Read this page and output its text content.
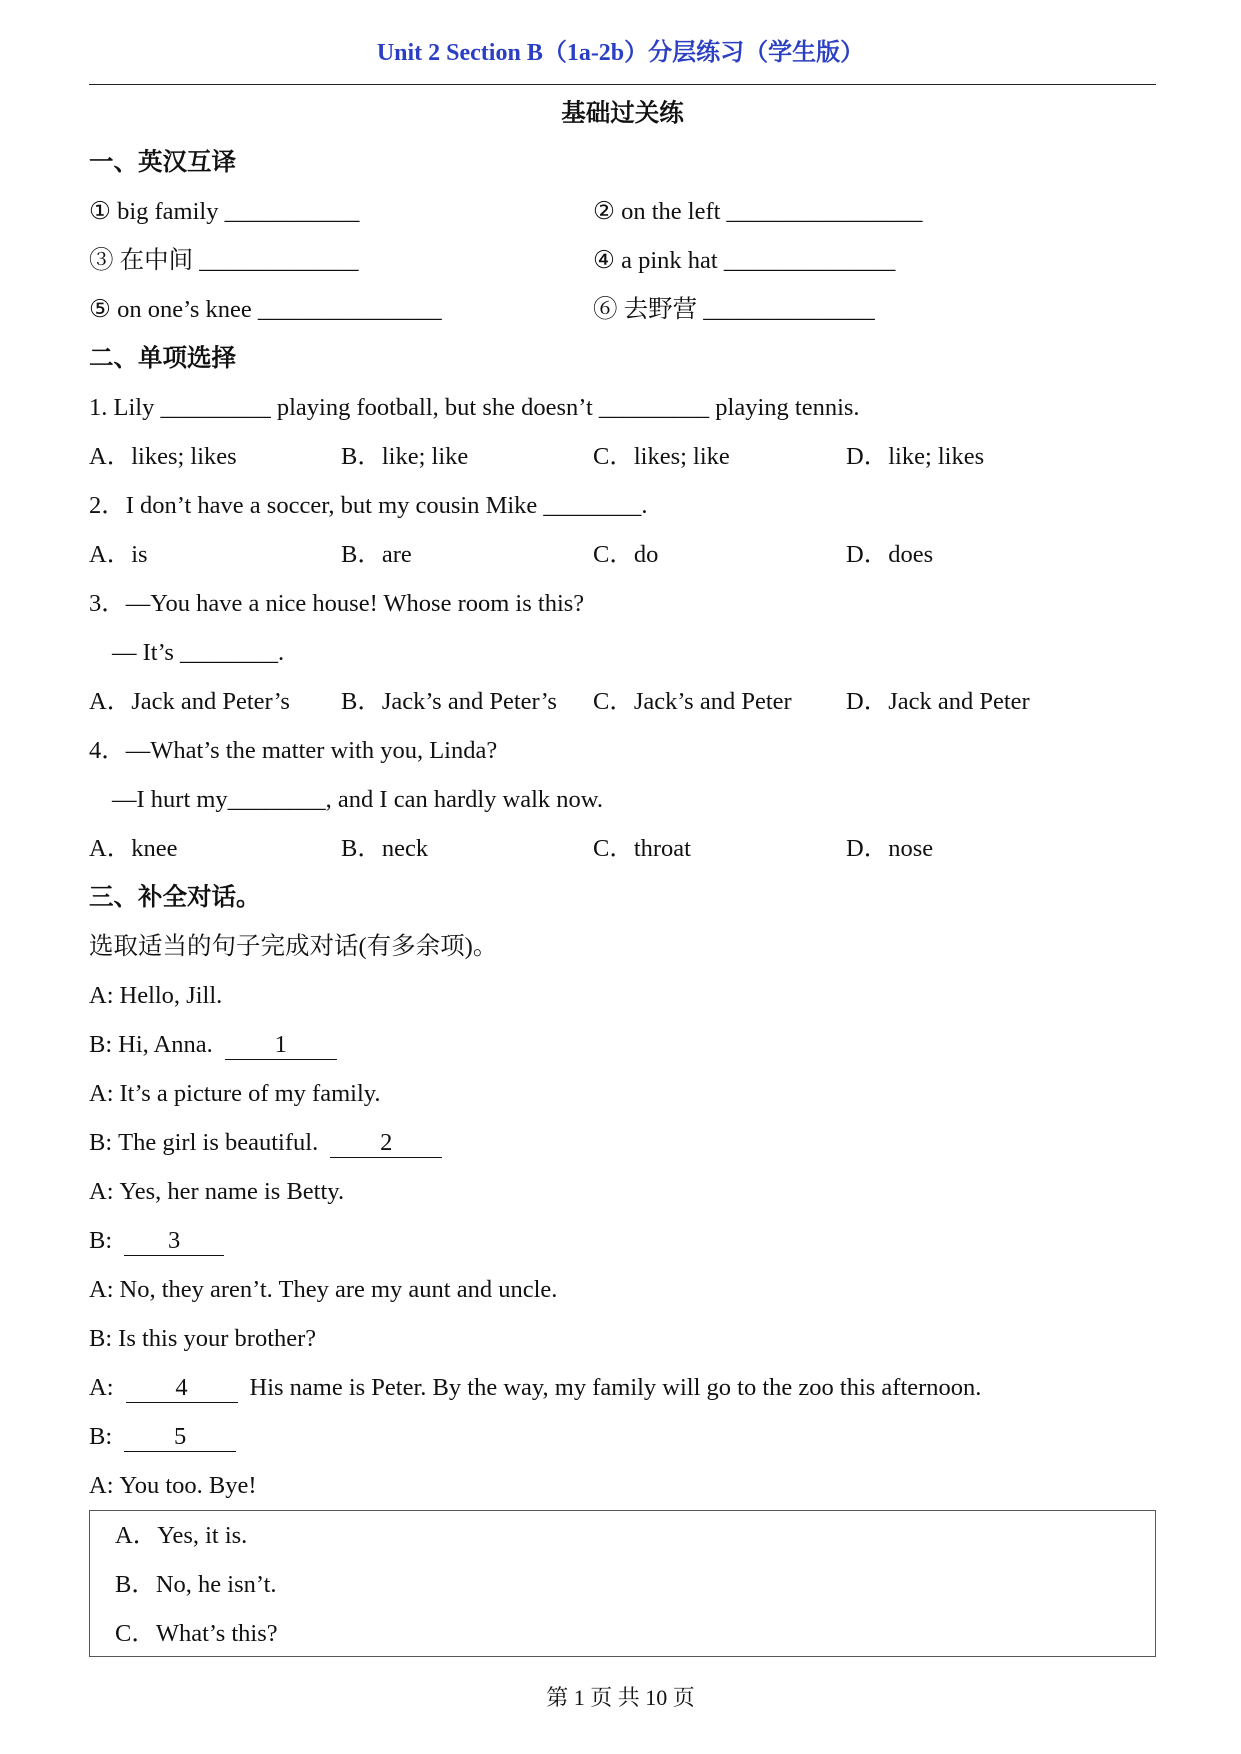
Unit 2 Section B（1a-2b）分层练习（学生版）
基础过关练
一、英汉互译
① big family ___________	② on the left ________________
③ 在中间 _____________	④ a pink hat ______________
⑤ on one’s knee _______________	⑥ 去野营 ______________
二、单项选择
1. Lily _________ playing football, but she doesn’t _________ playing tennis.
A．likes; likes	B．like; like	C．likes; like	D．like; likes
2．I don’t have a soccer, but my cousin Mike ________.
A．is	B．are	C．do	D．does
3．—You have a nice house! Whose room is this?
— It’s ________.
A．Jack and Peter’s B．Jack’s and Peter’s C．Jack’s and Peter D．Jack and Peter
4．—What’s the matter with you, Linda?
—I hurt my________, and I can hardly walk now.
A．knee	B．neck	C．throat	D．nose
三、补全对话。
选取适当的句子完成对话(有多余项)。
A: Hello, Jill.
B: Hi, Anna.	1
A: It’s a picture of my family.
B: The girl is beautiful.	2
A: Yes, her name is Betty.
B: 3
A: No, they aren’t. They are my aunt and uncle.
B: Is this your brother?
A:	4	His name is Peter. By the way, my family will go to the zoo this afternoon.
B:	5
A: You too. Bye!
A．Yes, it is.
B．No, he isn’t.
C．What’s this?
第 1 页 共 10 页
